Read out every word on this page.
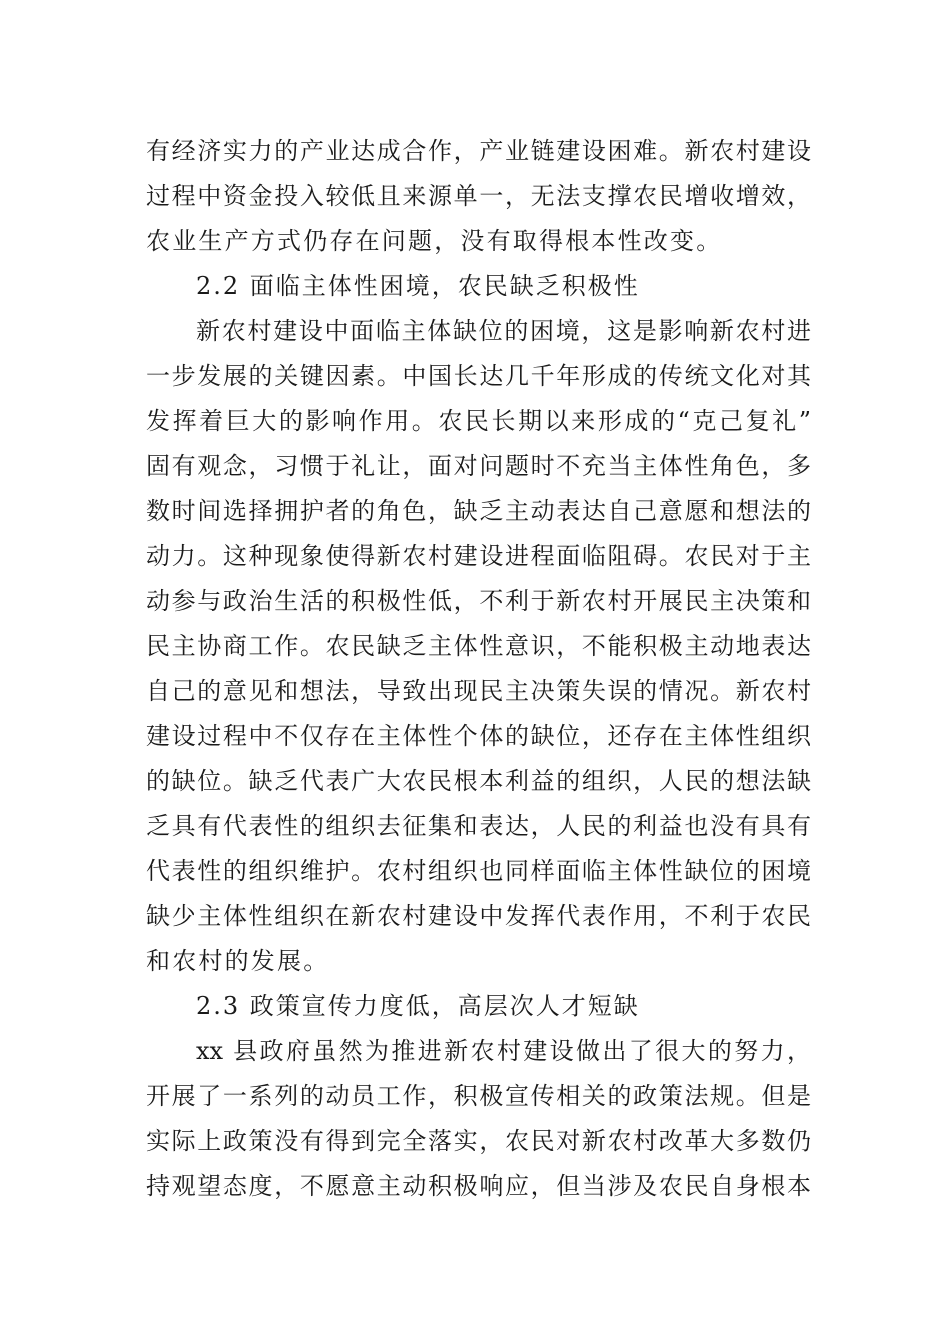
有经济实力的产业达成合作，产业链建设困难。新农村建设
过程中资金投入较低且来源单一，无法支撑农民增收增效，
农业生产方式仍存在问题，没有取得根本性改变。
2.2 面临主体性困境，农民缺乏积极性
新农村建设中面临主体缺位的困境，这是影响新农村进
一步发展的关键因素。中国长达几千年形成的传统文化对其
发挥着巨大的影响作用。农民长期以来形成的“克己复礼”
固有观念，习惯于礼让，面对问题时不充当主体性角色，多
数时间选择拥护者的角色，缺乏主动表达自己意愿和想法的
动力。这种现象使得新农村建设进程面临阻碍。农民对于主
动参与政治生活的积极性低，不利于新农村开展民主决策和
民主协商工作。农民缺乏主体性意识，不能积极主动地表达
自己的意见和想法，导致出现民主决策失误的情况。新农村
建设过程中不仅存在主体性个体的缺位，还存在主体性组织
的缺位。缺乏代表广大农民根本利益的组织，人民的想法缺
乏具有代表性的组织去征集和表达，人民的利益也没有具有
代表性的组织维护。农村组织也同样面临主体性缺位的困境
缺少主体性组织在新农村建设中发挥代表作用，不利于农民
和农村的发展。
2.3 政策宣传力度低，高层次人才短缺
xx 县政府虽然为推进新农村建设做出了很大的努力，
开展了一系列的动员工作，积极宣传相关的政策法规。但是
实际上政策没有得到完全落实，农民对新农村改革大多数仍
持观望态度，不愿意主动积极响应，但当涉及农民自身根本
